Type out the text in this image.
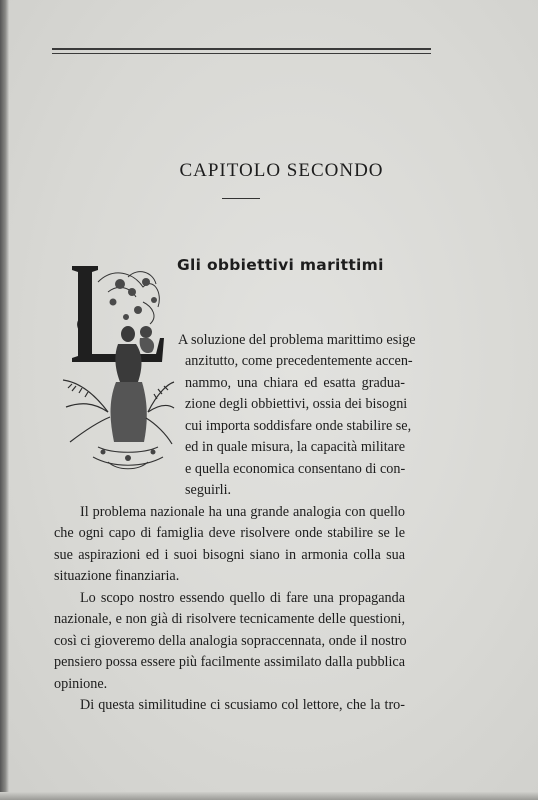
CAPITOLO SECONDO
Gli obbiettivi marittimi
A soluzione del problema marittimo esige
anzitutto, come precedentemente accen-
nammo, una chiara ed esatta gradua-
zione degli obbiettivi, ossia dei bisogni
cui importa soddisfare onde stabilire se,
ed in quale misura, la capacità militare
e quella economica consentano di con-
seguirli.
Il problema nazionale ha una grande analogia con quello
che ogni capo di famiglia deve risolvere onde stabilire se le
sue aspirazioni ed i suoi bisogni siano in armonia colla sua
situazione finanziaria.
Lo scopo nostro essendo quello di fare una propaganda
nazionale, e non già di risolvere tecnicamente delle questioni,
così ci gioveremo della analogia sopraccennata, onde il nostro
pensiero possa essere più facilmente assimilato dalla pubblica
opinione.
Di questa similitudine ci scusiamo col lettore, che la tro-
